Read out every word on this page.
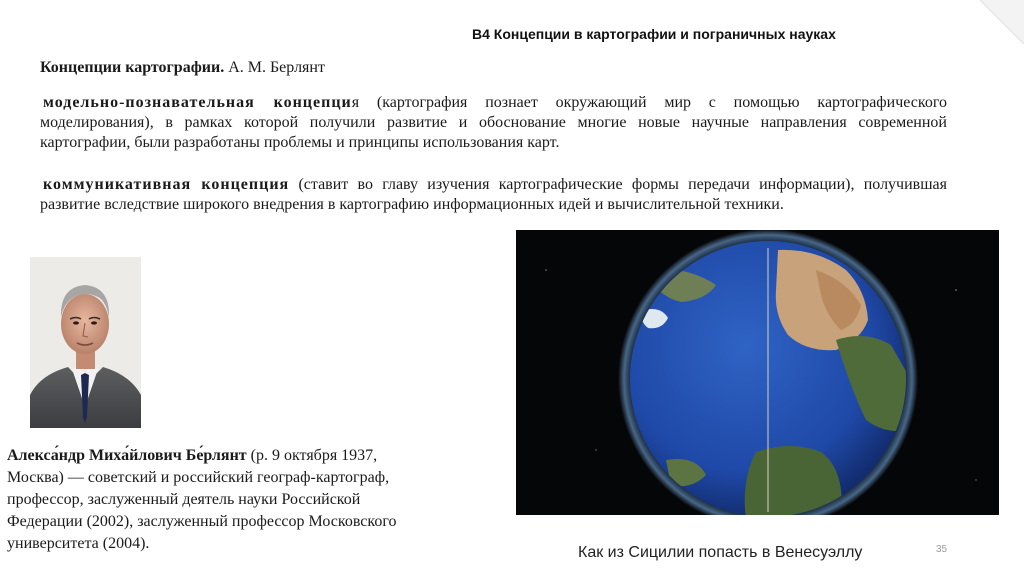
В4 Концепции в картографии и пограничных науках
Концепции картографии. А. М. Берлянт
модельно-познавательная концепция (картография познает окружающий мир с помощью картографического моделирования), в рамках которой получили развитие и обоснование многие новые научные направления современной картографии, были разработаны проблемы и принципы использования карт.
коммуникативная концепция (ставит во главу изучения картографические формы передачи информации), получившая развитие вследствие широкого внедрения в картографию информационных идей и вычислительной техники.
Алекса́ндр Миха́йлович Бе́рлянт (р. 9 октября 1937, Москва) — советский и российский географ-картограф, профессор, заслуженный деятель науки Российской Федерации (2002), заслуженный профессор Московского университета (2004).
Как из Сицилии попасть в Венесуэллу	35
